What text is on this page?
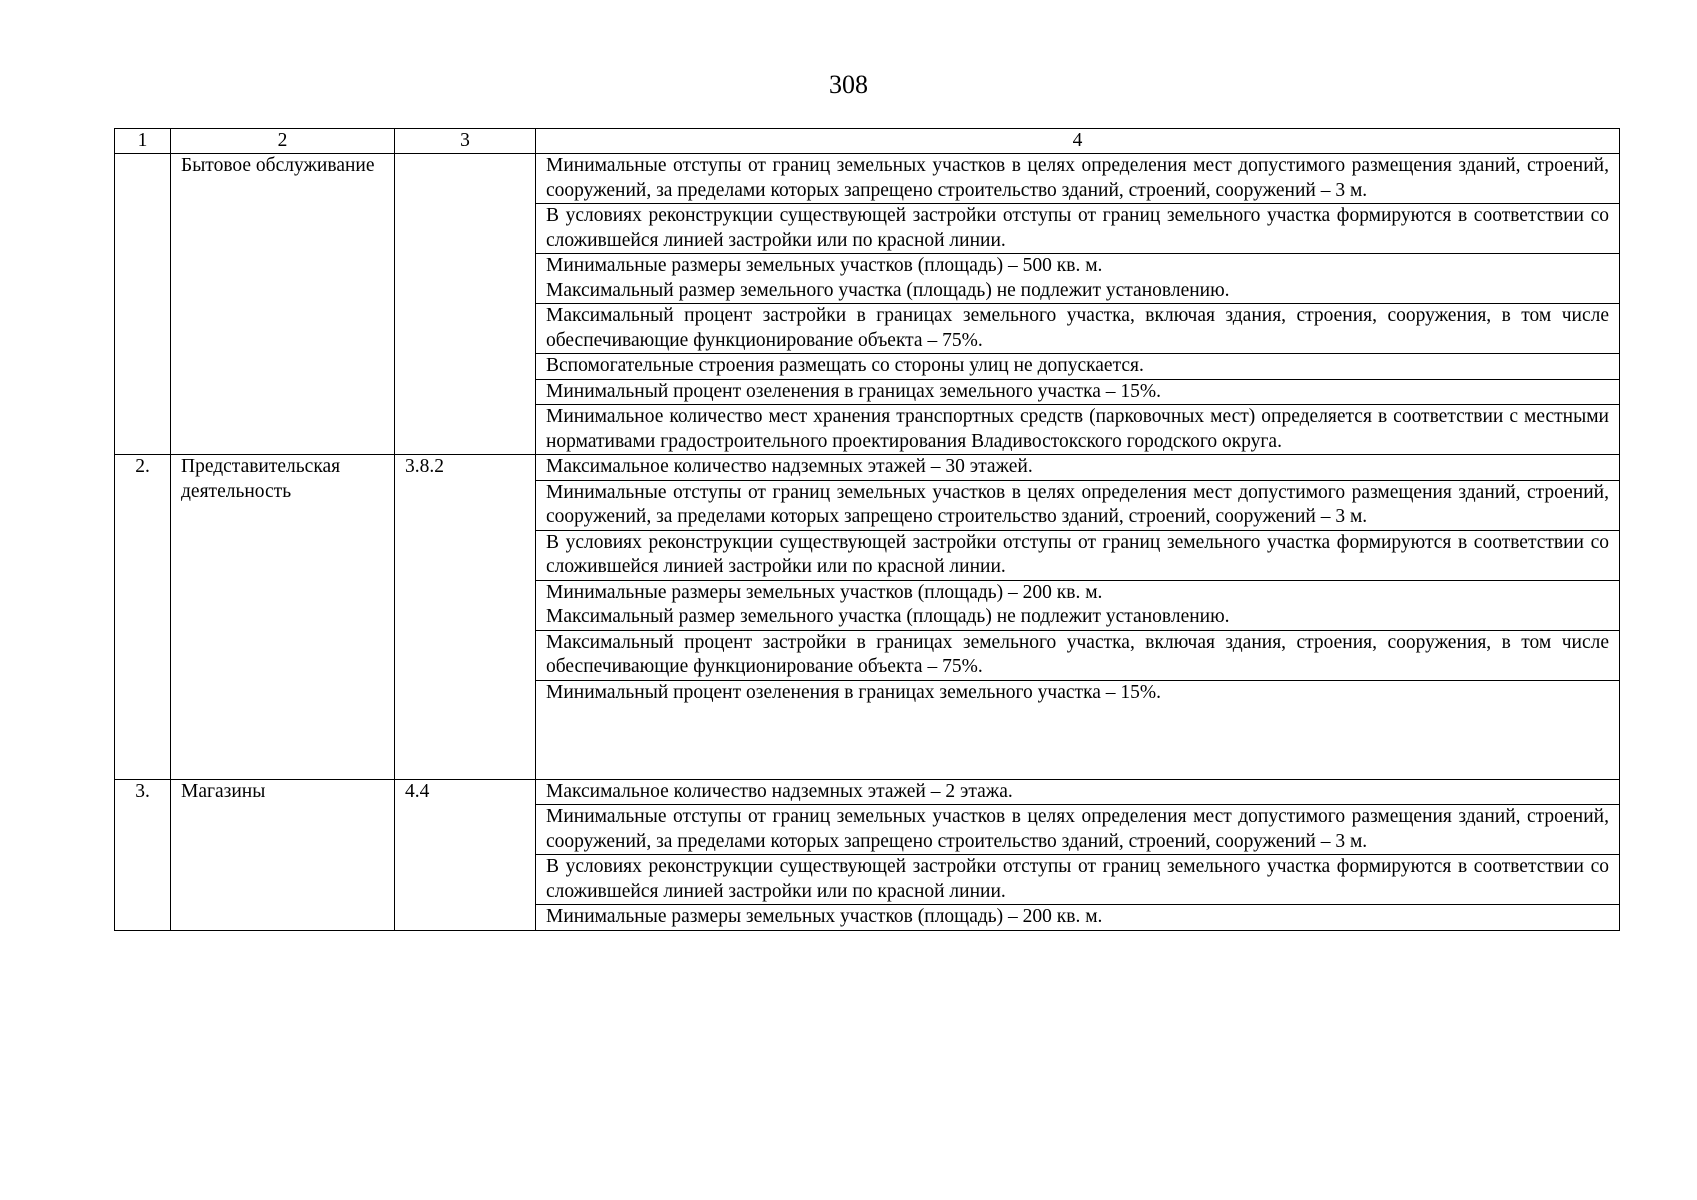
308
1	2	3	4
	Бытовое обслуживание		Минимальные отступы от границ земельных участков в целях определения мест допустимого размещения зданий, строений, сооружений, за пределами которых запрещено строительство зданий, строений, сооружений – 3 м.

			В условиях реконструкции существующей застройки отступы от границ земельного участка формируются в соответствии со сложившейся линией застройки или по красной линии.

			Минимальные размеры земельных участков (площадь) – 500 кв. м.
Максимальный размер земельного участка (площадь) не подлежит установлению.

			Максимальный процент застройки в границах земельного участка, включая здания, строения, сооружения, в том числе обеспечивающие функционирование объекта – 75%.

			Вспомогательные строения размещать со стороны улиц не допускается.

			Минимальный процент озеленения в границах земельного участка – 15%.

			Минимальное количество мест хранения транспортных средств (парковочных мест) определяется в соответствии с местными нормативами градостроительного проектирования Владивостокского городского округа.

2.	Представительская деятельность	3.8.2	Максимальное количество надземных этажей – 30 этажей.

			Минимальные отступы от границ земельных участков в целях определения мест допустимого размещения зданий, строений, сооружений, за пределами которых запрещено строительство зданий, строений, сооружений – 3 м.

			В условиях реконструкции существующей застройки отступы от границ земельного участка формируются в соответствии со сложившейся линией застройки или по красной линии.

			Минимальные размеры земельных участков (площадь) – 200 кв. м.
Максимальный размер земельного участка (площадь) не подлежит установлению.

			Максимальный процент застройки в границах земельного участка, включая здания, строения, сооружения, в том числе обеспечивающие функционирование объекта – 75%.

			Минимальный процент озеленения в границах земельного участка – 15%.

3.	Магазины	4.4	Максимальное количество надземных этажей – 2 этажа.

			Минимальные отступы от границ земельных участков в целях определения мест допустимого размещения зданий, строений, сооружений, за пределами которых запрещено строительство зданий, строений, сооружений – 3 м.

			В условиях реконструкции существующей застройки отступы от границ земельного участка формируются в соответствии со сложившейся линией застройки или по красной линии.

			Минимальные размеры земельных участков (площадь) – 200 кв. м.
